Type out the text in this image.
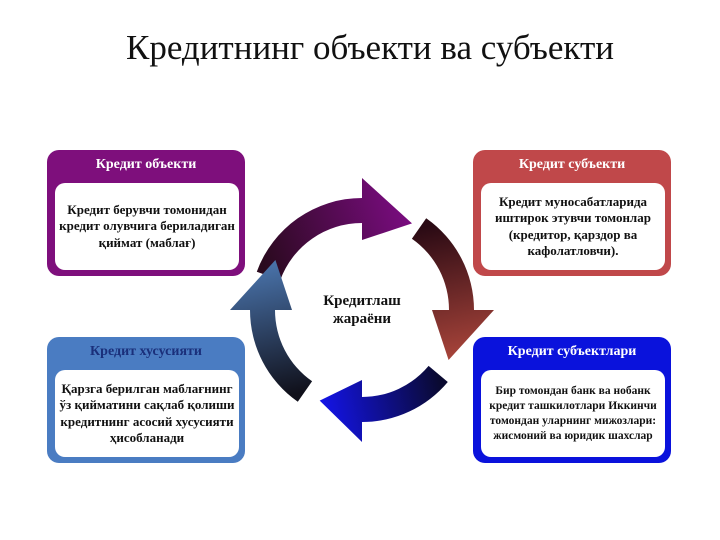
Кредитнинг объекти ва субъекти
Кредитлаш жараёни
Кредит объекти
Кредит берувчи томонидан кредит олувчига бериладиган қиймат (маблағ)
Кредит субъекти
Кредит муносабатларида иштирок этувчи томонлар (кредитор, қарздор ва кафолатловчи).
Кредит хусусияти
Қарзга берилган маблағнинг ўз қийматини сақлаб қолиши кредитнинг асосий хусусияти ҳисобланади
Кредит субъектлари
Бир томондан банк ва нобанк кредит ташкилотлари Иккинчи томондан уларнинг мижозлари: жисмоний ва юридик шахслар
